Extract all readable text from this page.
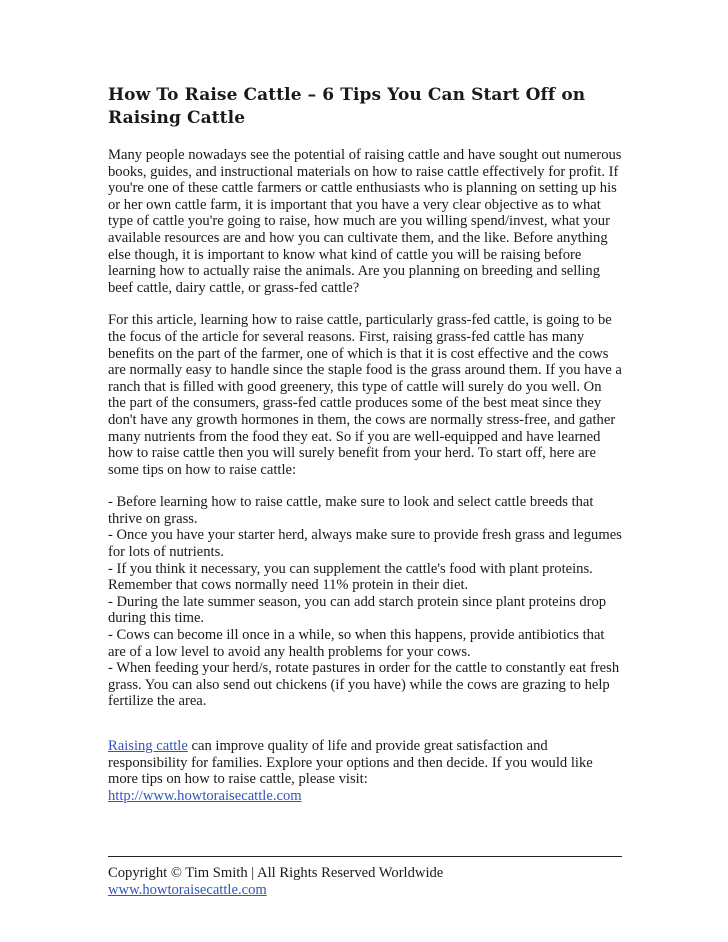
How To Raise Cattle – 6 Tips You Can Start Off on Raising Cattle

Many people nowadays see the potential of raising cattle and have sought out numerous books, guides, and instructional materials on how to raise cattle effectively for profit. If you're one of these cattle farmers or cattle enthusiasts who is planning on setting up his or her own cattle farm, it is important that you have a very clear objective as to what type of cattle you're going to raise, how much are you willing spend/invest, what your available resources are and how you can cultivate them, and the like. Before anything else though, it is important to know what kind of cattle you will be raising before learning how to actually raise the animals. Are you planning on breeding and selling beef cattle, dairy cattle, or grass-fed cattle?

For this article, learning how to raise cattle, particularly grass-fed cattle, is going to be the focus of the article for several reasons. First, raising grass-fed cattle has many benefits on the part of the farmer, one of which is that it is cost effective and the cows are normally easy to handle since the staple food is the grass around them. If you have a ranch that is filled with good greenery, this type of cattle will surely do you well. On the part of the consumers, grass-fed cattle produces some of the best meat since they don't have any growth hormones in them, the cows are normally stress-free, and gather many nutrients from the food they eat. So if you are well-equipped and have learned how to raise cattle then you will surely benefit from your herd. To start off, here are some tips on how to raise cattle:

- Before learning how to raise cattle, make sure to look and select cattle breeds that thrive on grass.
- Once you have your starter herd, always make sure to provide fresh grass and legumes for lots of nutrients.
- If you think it necessary, you can supplement the cattle's food with plant proteins. Remember that cows normally need 11% protein in their diet.
- During the late summer season, you can add starch protein since plant proteins drop during this time.
- Cows can become ill once in a while, so when this happens, provide antibiotics that are of a low level to avoid any health problems for your cows.
- When feeding your herd/s, rotate pastures in order for the cattle to constantly eat fresh grass. You can also send out chickens (if you have) while the cows are grazing to help fertilize the area.

Raising cattle can improve quality of life and provide great satisfaction and responsibility for families. Explore your options and then decide. If you would like more tips on how to raise cattle, please visit:
http://www.howtoraisecattle.com

Copyright © Tim Smith | All Rights Reserved Worldwide
www.howtoraisecattle.com
